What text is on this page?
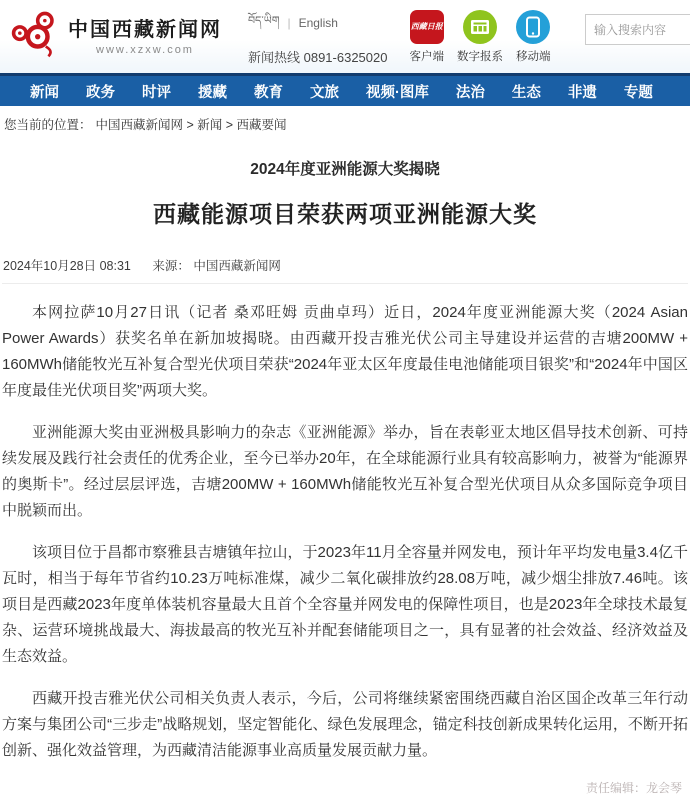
中国西藏新闻网
www.xzxw.com
བོད་ཡིག | English
新闻热线 0891-6325020
西藏日报
客户端 数字报系 移动端
输入搜索内容
新闻 政务 时评 援藏 教育 文旅 视频·图库 法治 生态 非遗 专题
您当前的位置： 中国西藏新闻网 > 新闻 > 西藏要闻
2024年度亚洲能源大奖揭晓
西藏能源项目荣获两项亚洲能源大奖
2024年10月28日 08:31 来源： 中国西藏新闻网

本网拉萨10月27日讯（记者 桑邓旺姆 贡曲卓玛）近日，2024年度亚洲能源大奖（2024 Asian Power Awards）获奖名单在新加坡揭晓。由西藏开投吉雅光伏公司主导建设并运营的吉塘200MW + 160MWh储能牧光互补复合型光伏项目荣获“2024年亚太区年度最佳电池储能项目银奖”和“2024年中国区年度最佳光伏项目奖”两项大奖。

亚洲能源大奖由亚洲极具影响力的杂志《亚洲能源》举办，旨在表彰亚太地区倡导技术创新、可持续发展及践行社会责任的优秀企业，至今已举办20年，在全球能源行业具有较高影响力，被誉为“能源界的奥斯卡”。经过层层评选，吉塘200MW + 160MWh储能牧光互补复合型光伏项目从众多国际竞争项目中脱颖而出。

该项目位于昌都市察雅县吉塘镇年拉山，于2023年11月全容量并网发电，预计年平均发电量3.4亿千瓦时，相当于每年节省约10.23万吨标准煤，减少二氧化碳排放约28.08万吨，减少烟尘排放7.46吨。该项目是西藏2023年度单体装机容量最大且首个全容量并网发电的保障性项目，也是2023年全球技术最复杂、运营环境挑战最大、海拔最高的牧光互补并配套储能项目之一，具有显著的社会效益、经济效益及生态效益。

西藏开投吉雅光伏公司相关负责人表示，今后，公司将继续紧密围绕西藏自治区国企改革三年行动方案与集团公司“三步走”战略规划，坚定智能化、绿色发展理念，锚定科技创新成果转化运用，不断开拓创新、强化效益管理，为西藏清洁能源事业高质量发展贡献力量。

责任编辑：龙会琴
